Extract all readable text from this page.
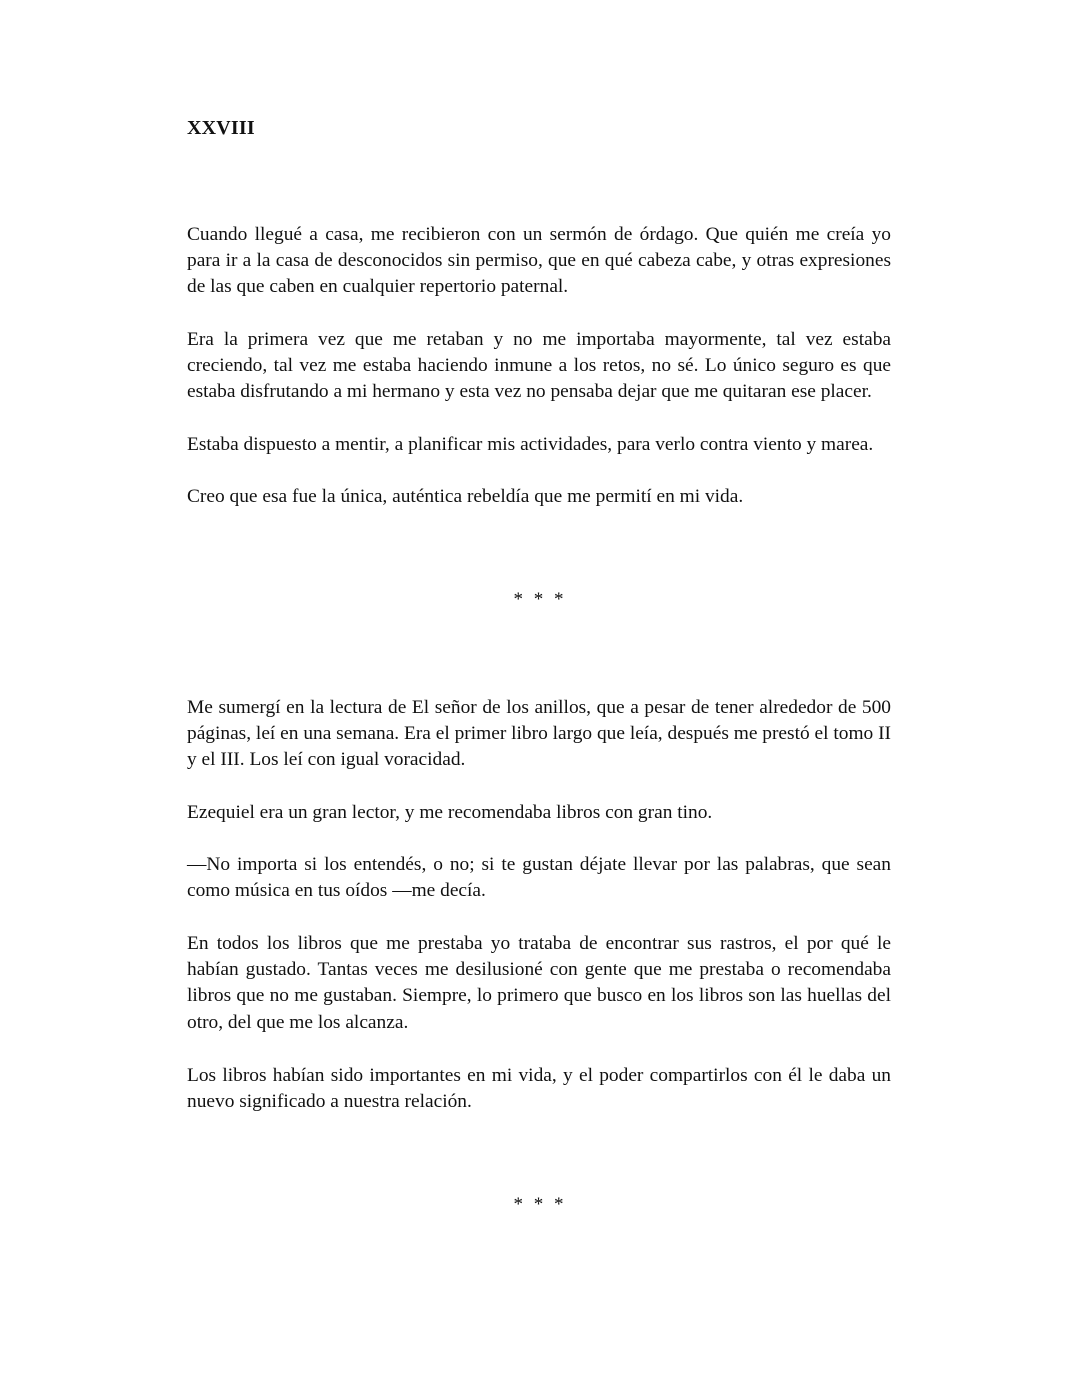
XXVIII

Cuando llegué a casa, me recibieron con un sermón de órdago. Que quién me creía yo para ir a la casa de desconocidos sin permiso, que en qué cabeza cabe, y otras expresiones de las que caben en cualquier repertorio paternal.

Era la primera vez que me retaban y no me importaba mayormente, tal vez estaba creciendo, tal vez me estaba haciendo inmune a los retos, no sé. Lo único seguro es que estaba disfrutando a mi hermano y esta vez no pensaba dejar que me quitaran ese placer.

Estaba dispuesto a mentir, a planificar mis actividades, para verlo contra viento y marea.

Creo que esa fue la única, auténtica rebeldía que me permití en mi vida.

* * *

Me sumergí en la lectura de El señor de los anillos, que a pesar de tener alrededor de 500 páginas, leí en una semana. Era el primer libro largo que leía, después me prestó el tomo II y el III. Los leí con igual voracidad.

Ezequiel era un gran lector, y me recomendaba libros con gran tino.

—No importa si los entendés, o no; si te gustan déjate llevar por las palabras, que sean como música en tus oídos —me decía.

En todos los libros que me prestaba yo trataba de encontrar sus rastros, el por qué le habían gustado. Tantas veces me desilusioné con gente que me prestaba o recomendaba libros que no me gustaban. Siempre, lo primero que busco en los libros son las huellas del otro, del que me los alcanza.

Los libros habían sido importantes en mi vida, y el poder compartirlos con él le daba un nuevo significado a nuestra relación.

* * *
